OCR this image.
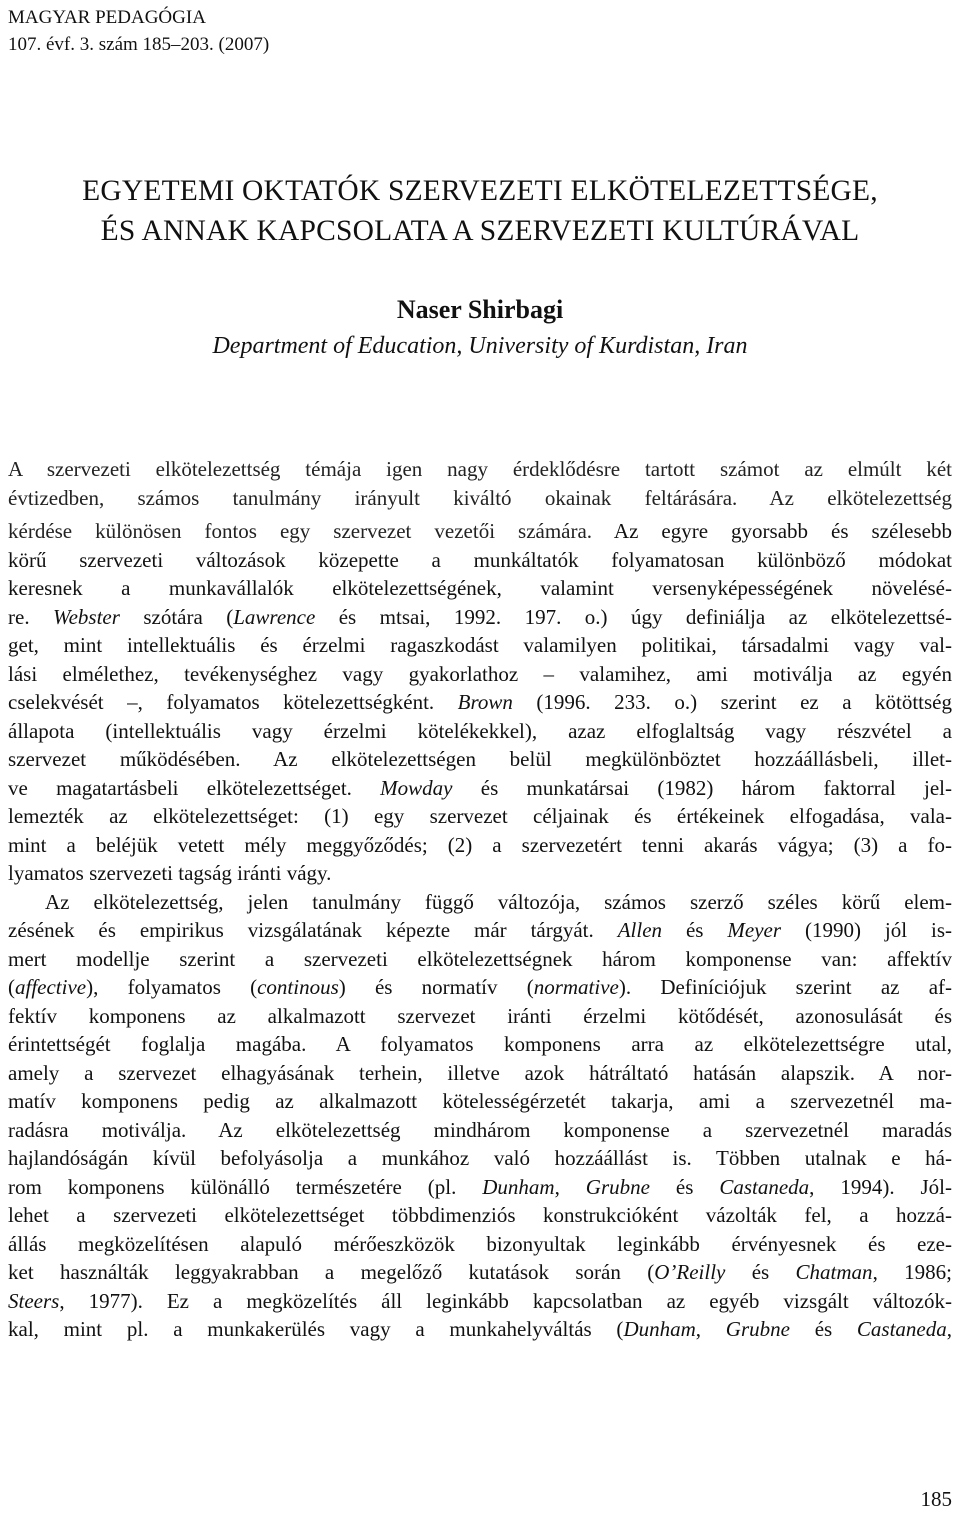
MAGYAR PEDAGÓGIA
107. évf. 3. szám 185–203. (2007)
EGYETEMI OKTATÓK SZERVEZETI ELKÖTELEZETTSÉGE,
ÉS ANNAK KAPCSOLATA A SZERVEZETI KULTÚRÁVAL
Naser Shirbagi
Department of Education, University of Kurdistan, Iran
A szervezeti elkötelezettség témája igen nagy érdeklődésre tartott számot az elmúlt két
évtizedben, számos tanulmány irányult kiváltó okainak feltárására. Az elkötelezettség
kérdése különösen fontos egy szervezet vezetői számára. Az egyre gyorsabb és szélesebb
körű szervezeti változások közepette a munkáltatók folyamatosan különböző módokat
keresnek a munkavállalók elkötelezettségének, valamint versenyképességének növelésé-
re. Webster szótára (Lawrence és mtsai, 1992. 197. o.) úgy definiálja az elkötelezettsé-
get, mint intellektuális és érzelmi ragaszkodást valamilyen politikai, társadalmi vagy val-
lási elmélethez, tevékenységhez vagy gyakorlathoz – valamihez, ami motiválja az egyén
cselekvését –, folyamatos kötelezettségként. Brown (1996. 233. o.) szerint ez a kötöttség
állapota (intellektuális vagy érzelmi kötelékekkel), azaz elfoglaltság vagy részvétel a
szervezet működésében. Az elkötelezettségen belül megkülönböztet hozzáállásbeli, illet-
ve magatartásbeli elkötelezettséget. Mowday és munkatársai (1982) három faktorral jel-
lemezték az elkötelezettséget: (1) egy szervezet céljainak és értékeinek elfogadása, vala-
mint a beléjük vetett mély meggyőződés; (2) a szervezetért tenni akarás vágya; (3) a fo-
lyamatos szervezeti tagság iránti vágy.
Az elkötelezettség, jelen tanulmány függő változója, számos szerző széles körű elem-
zésének és empirikus vizsgálatának képezte már tárgyát. Allen és Meyer (1990) jól is-
mert modellje szerint a szervezeti elkötelezettségnek három komponense van: affektív
(affective), folyamatos (continous) és normatív (normative). Definíciójuk szerint az af-
fektív komponens az alkalmazott szervezet iránti érzelmi kötődését, azonosulását és
érintettségét foglalja magába. A folyamatos komponens arra az elkötelezettségre utal,
amely a szervezet elhagyásának terhein, illetve azok hátráltató hatásán alapszik. A nor-
matív komponens pedig az alkalmazott kötelességérzetét takarja, ami a szervezetnél ma-
radásra motiválja. Az elkötelezettség mindhárom komponense a szervezetnél maradás
hajlandóságán kívül befolyásolja a munkához való hozzáállást is. Többen utalnak e há-
rom komponens különálló természetére (pl. Dunham, Grubne és Castaneda, 1994). Jól-
lehet a szervezeti elkötelezettséget többdimenziós konstrukcióként vázolták fel, a hozzá-
állás megközelítésen alapuló mérőeszközök bizonyultak leginkább érvényesnek és eze-
ket használták leggyakrabban a megelőző kutatások során (O’Reilly és Chatman, 1986;
Steers, 1977). Ez a megközelítés áll leginkább kapcsolatban az egyéb vizsgált változók-
kal, mint pl. a munkakerülés vagy a munkahelyváltás (Dunham, Grubne és Castaneda,
185
